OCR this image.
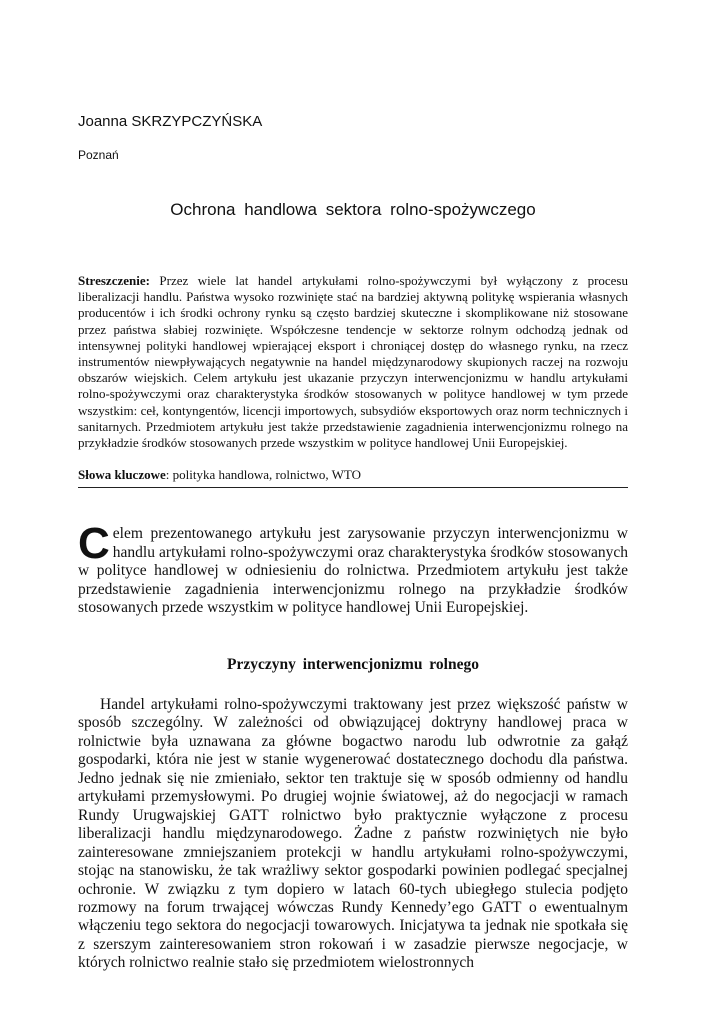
Joanna SKRZYPCZYŃSKA
Poznań
Ochrona handlowa sektora rolno-spożywczego
Streszczenie: Przez wiele lat handel artykułami rolno-spożywczymi był wyłączony z procesu liberalizacji handlu. Państwa wysoko rozwinięte stać na bardziej aktywną politykę wspierania własnych producentów i ich środki ochrony rynku są często bardziej skuteczne i skomplikowane niż stosowane przez państwa słabiej rozwinięte. Współczesne tendencje w sektorze rolnym odchodzą jednak od intensywnej polityki handlowej wpierającej eksport i chroniącej dostęp do własnego rynku, na rzecz instrumentów niewpływających negatywnie na handel międzynarodowy skupionych raczej na rozwoju obszarów wiejskich. Celem artykułu jest ukazanie przyczyn interwencjonizmu w handlu artykułami rolno-spożywczymi oraz charakterystyka środków stosowanych w polityce handlowej w tym przede wszystkim: ceł, kontyngentów, licencji importowych, subsydiów eksportowych oraz norm technicznych i sanitarnych. Przedmiotem artykułu jest także przedstawienie zagadnienia interwencjonizmu rolnego na przykładzie środków stosowanych przede wszystkim w polityce handlowej Unii Europejskiej.
Słowa kluczowe: polityka handlowa, rolnictwo, WTO
Celem prezentowanego artykułu jest zarysowanie przyczyn interwencjonizmu w handlu artykułami rolno-spożywczymi oraz charakterystyka środków stosowanych w polityce handlowej w odniesieniu do rolnictwa. Przedmiotem artykułu jest także przedstawienie zagadnienia interwencjonizmu rolnego na przykładzie środków stosowanych przede wszystkim w polityce handlowej Unii Europejskiej.
Przyczyny interwencjonizmu rolnego

Handel artykułami rolno-spożywczymi traktowany jest przez większość państw w sposób szczególny. W zależności od obwiązującej doktryny handlowej praca w rolnictwie była uznawana za główne bogactwo narodu lub odwrotnie za gałąź gospodarki, która nie jest w stanie wygenerować dostatecznego dochodu dla państwa. Jedno jednak się nie zmieniało, sektor ten traktuje się w sposób odmienny od handlu artykułami przemysłowymi. Po drugiej wojnie światowej, aż do negocjacji w ramach Rundy Urugwajskiej GATT rolnictwo było praktycznie wyłączone z procesu liberalizacji handlu międzynarodowego. Żadne z państw rozwiniętych nie było zainteresowane zmniejszaniem protekcji w handlu artykułami rolno-spożywczymi, stojąc na stanowisku, że tak wrażliwy sektor gospodarki powinien podlegać specjalnej ochronie. W związku z tym dopiero w latach 60-tych ubiegłego stulecia podjęto rozmowy na forum trwającej wówczas Rundy Kennedy’ego GATT o ewentualnym włączeniu tego sektora do negocjacji towarowych. Inicjatywa ta jednak nie spotkała się z szerszym zainteresowaniem stron rokowań i w zasadzie pierwsze negocjacje, w których rolnictwo realnie stało się przedmiotem wielostronnych
